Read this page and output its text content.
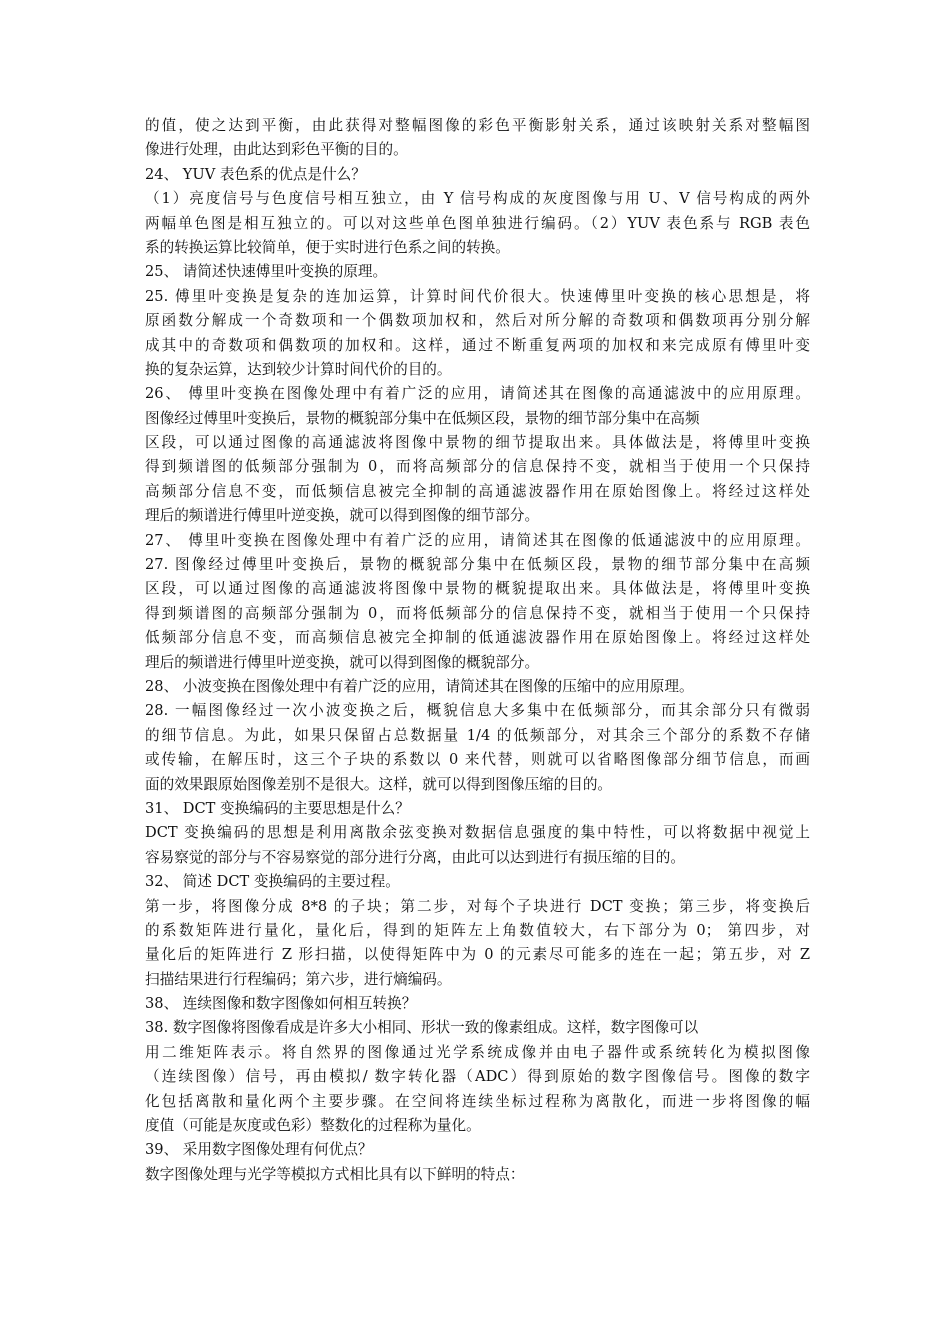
的值，使之达到平衡，由此获得对整幅图像的彩色平衡影射关系，通过该映射关系对整幅图
像进行处理，由此达到彩色平衡的目的。
24、 YUV 表色系的优点是什么？
（1）亮度信号与色度信号相互独立，由 Y 信号构成的灰度图像与用 U、V 信号构成的两外
两幅单色图是相互独立的。可以对这些单色图单独进行编码。（2）YUV 表色系与 RGB 表色
系的转换运算比较简单，便于实时进行色系之间的转换。
25、 请简述快速傅里叶变换的原理。
25. 傅里叶变换是复杂的连加运算，计算时间代价很大。快速傅里叶变换的核心思想是，将
原函数分解成一个奇数项和一个偶数项加权和，然后对所分解的奇数项和偶数项再分别分解
成其中的奇数项和偶数项的加权和。这样，通过不断重复两项的加权和来完成原有傅里叶变
换的复杂运算，达到较少计算时间代价的目的。
26、 傅里叶变换在图像处理中有着广泛的应用，请简述其在图像的高通滤波中的应用原理。
图像经过傅里叶变换后，景物的概貌部分集中在低频区段，景物的细节部分集中在高频
区段，可以通过图像的高通滤波将图像中景物的细节提取出来。具体做法是，将傅里叶变换
得到频谱图的低频部分强制为 0，而将高频部分的信息保持不变，就相当于使用一个只保持
高频部分信息不变，而低频信息被完全抑制的高通滤波器作用在原始图像上。将经过这样处
理后的频谱进行傅里叶逆变换，就可以得到图像的细节部分。
27、 傅里叶变换在图像处理中有着广泛的应用，请简述其在图像的低通滤波中的应用原理。
27. 图像经过傅里叶变换后，景物的概貌部分集中在低频区段，景物的细节部分集中在高频
区段，可以通过图像的高通滤波将图像中景物的概貌提取出来。具体做法是，将傅里叶变换
得到频谱图的高频部分强制为 0，而将低频部分的信息保持不变，就相当于使用一个只保持
低频部分信息不变，而高频信息被完全抑制的低通滤波器作用在原始图像上。将经过这样处
理后的频谱进行傅里叶逆变换，就可以得到图像的概貌部分。
28、 小波变换在图像处理中有着广泛的应用，请简述其在图像的压缩中的应用原理。
28. 一幅图像经过一次小波变换之后，概貌信息大多集中在低频部分，而其余部分只有微弱
的细节信息。为此，如果只保留占总数据量 1/4 的低频部分，对其余三个部分的系数不存储
或传输，在解压时，这三个子块的系数以 0 来代替，则就可以省略图像部分细节信息，而画
面的效果跟原始图像差别不是很大。这样，就可以得到图像压缩的目的。
31、 DCT 变换编码的主要思想是什么？
DCT 变换编码的思想是利用离散余弦变换对数据信息强度的集中特性，可以将数据中视觉上
容易察觉的部分与不容易察觉的部分进行分离，由此可以达到进行有损压缩的目的。
32、 简述 DCT 变换编码的主要过程。
第一步，将图像分成 8*8 的子块；第二步，对每个子块进行 DCT 变换；第三步，将变换后
的系数矩阵进行量化，量化后，得到的矩阵左上角数值较大，右下部分为 0； 第四步，对
量化后的矩阵进行 Z 形扫描，以使得矩阵中为 0 的元素尽可能多的连在一起；第五步，对 Z
扫描结果进行行程编码；第六步，进行熵编码。
38、 连续图像和数字图像如何相互转换？
38. 数字图像将图像看成是许多大小相同、形状一致的像素组成。这样，数字图像可以
用二维矩阵表示。将自然界的图像通过光学系统成像并由电子器件或系统转化为模拟图像
（连续图像）信号，再由模拟/ 数字转化器（ADC）得到原始的数字图像信号。图像的数字
化包括离散和量化两个主要步骤。在空间将连续坐标过程称为离散化，而进一步将图像的幅
度值（可能是灰度或色彩）整数化的过程称为量化。
39、 采用数字图像处理有何优点？
数字图像处理与光学等模拟方式相比具有以下鲜明的特点：
